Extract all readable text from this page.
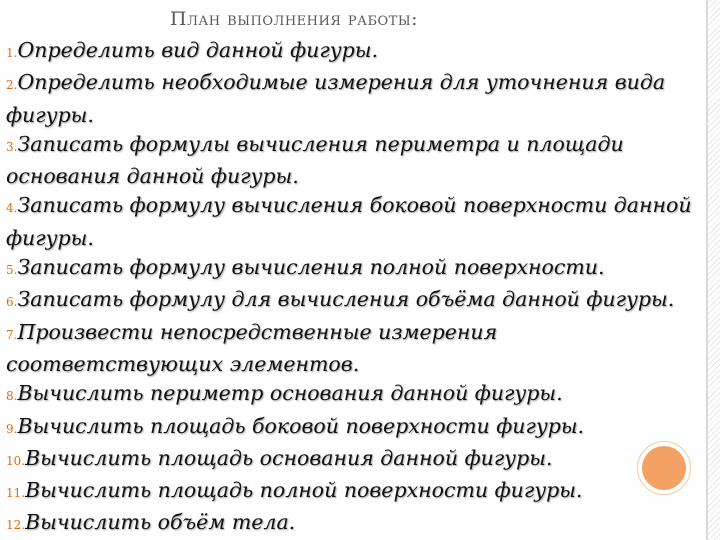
План выполнения работы:
1.Определить вид данной фигуры.
2.Определить необходимые измерения для уточнения вида фигуры.
3.Записать формулы вычисления периметра и площади основания данной фигуры.
4.Записать формулу вычисления боковой поверхности данной фигуры.
5.Записать формулу вычисления полной поверхности.
6.Записать формулу для вычисления объёма данной фигуры.
7.Произвести непосредственные измерения соответствующих элементов.
8.Вычислить периметр основания данной фигуры.
9.Вычислить площадь боковой поверхности фигуры.
10.Вычислить площадь основания данной фигуры.
11.Вычислить площадь полной поверхности фигуры.
12.Вычислить объём тела.
